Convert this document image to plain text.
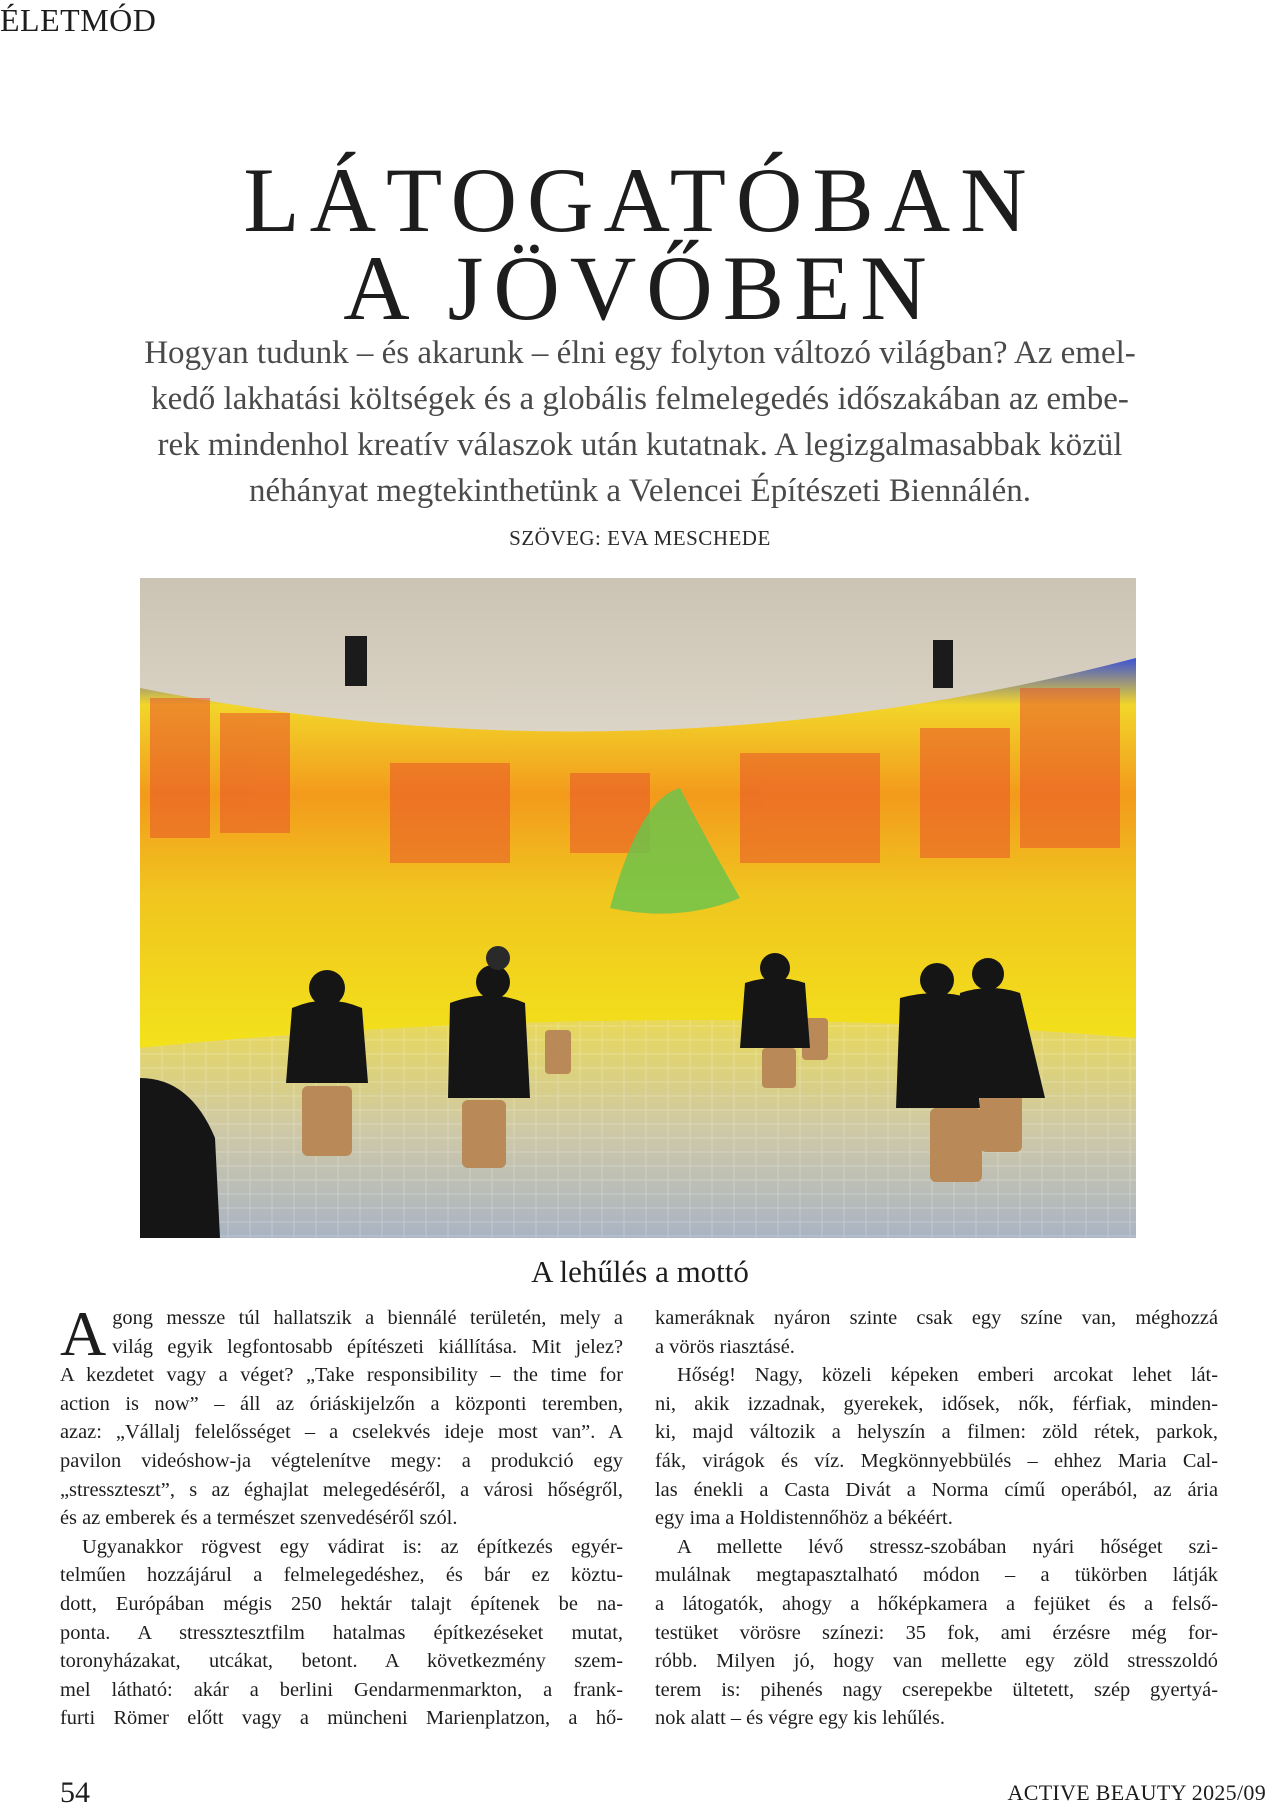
ÉLETMÓD
LÁTOGATÓBAN
A JÖVŐBEN

Hogyan tudunk – és akarunk – élni egy folyton változó világban? Az emel-
kedő lakhatási költségek és a globális felmelegedés időszakában az embe-
rek mindenhol kreatív válaszok után kutatnak. A legizgalmasabbak közül
néhányat megtekinthetünk a Velencei Építészeti Biennálén.

SZÖVEG: EVA MESCHEDE
A lehűlés a mottó
A gong messze túl hallatszik a biennálé területén, mely a
világ egyik legfontosabb építészeti kiállítása. Mit jelez?
A kezdetet vagy a véget? „Take responsibility – the time for
action is now” – áll az óriáskijelzőn a központi teremben,
azaz: „Vállalj felelősséget – a cselekvés ideje most van”. A
pavilon videóshow-ja végtelenítve megy: a produkció egy
„stresszteszt”, s az éghajlat melegedéséről, a városi hőségről,
és az emberek és a természet szenvedéséről szól.
Ugyanakkor rögvest egy vádirat is: az építkezés egyér-
telműen hozzájárul a felmelegedéshez, és bár ez köztu-
dott, Európában mégis 250 hektár talajt építenek be na-
ponta. A stressztesztfilm hatalmas építkezéseket mutat,
toronyházakat, utcákat, betont. A következmény szem-
mel látható: akár a berlini Gendarmenmarkton, a frank-
furti Römer előtt vagy a müncheni Marienplatzon, a hő-
kameráknak nyáron szinte csak egy színe van, méghozzá
a vörös riasztásé.
Hőség! Nagy, közeli képeken emberi arcokat lehet lát-
ni, akik izzadnak, gyerekek, idősek, nők, férfiak, minden-
ki, majd változik a helyszín a filmen: zöld rétek, parkok,
fák, virágok és víz. Megkönnyebbülés – ehhez Maria Cal-
las énekli a Casta Divát a Norma című operából, az ária
egy ima a Holdistennőhöz a békéért.
A mellette lévő stressz-szobában nyári hőséget szi-
mulálnak megtapasztalható módon – a tükörben látják
a látogatók, ahogy a hőképkamera a fejüket és a felső-
testüket vörösre színezi: 35 fok, ami érzésre még for-
róbb. Milyen jó, hogy van mellette egy zöld stresszoldó
terem is: pihenés nagy cserepekbe ültetett, szép gyertyá-
nok alatt – és végre egy kis lehűlés.
54	ACTIVE BEAUTY 2025/09
